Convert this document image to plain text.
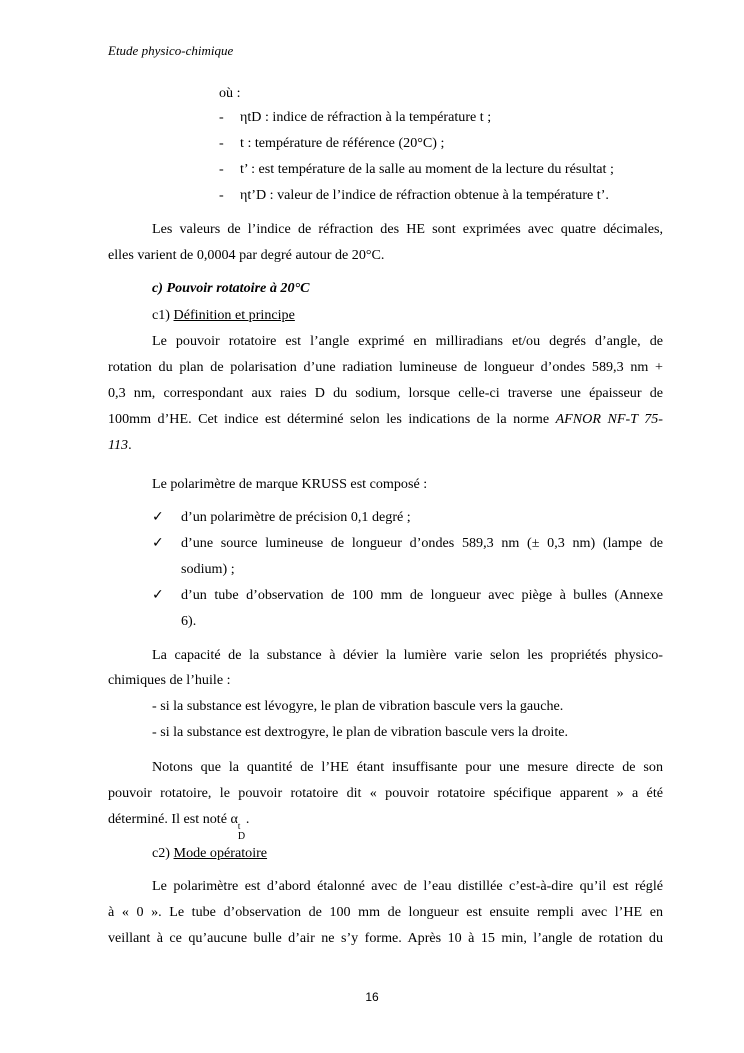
Etude physico-chimique
où :
- ηtD : indice de réfraction à la température t ;
- t : température de référence (20°C) ;
- t’ : est température de la salle au moment de la lecture du résultat ;
- ηt’D : valeur de l’indice de réfraction obtenue à la température t’.
Les valeurs de l’indice de réfraction des HE sont exprimées avec quatre décimales,
elles varient de 0,0004 par degré autour de 20°C.
c) Pouvoir rotatoire à 20°C
c1) Définition et principe
Le pouvoir rotatoire est l’angle exprimé en milliradians et/ou degrés d’angle, de
rotation du plan de polarisation d’une radiation lumineuse de longueur d’ondes 589,3 nm +
0,3 nm, correspondant aux raies D du sodium, lorsque celle-ci traverse une épaisseur de
100mm d’HE. Cet indice est déterminé selon les indications de la norme AFNOR NF-T 75-
113.
Le polarimètre de marque KRUSS est composé :
✓ d’un polarimètre de précision 0,1 degré ;
✓ d’une source lumineuse de longueur d’ondes 589,3 nm (± 0,3 nm) (lampe de
sodium) ;
✓ d’un tube d’observation de 100 mm de longueur avec piège à bulles (Annexe
6).
La capacité de la substance à dévier la lumière varie selon les propriétés physico-
chimiques de l’huile :
- si la substance est lévogyre, le plan de vibration bascule vers la gauche.
- si la substance est dextrogyre, le plan de vibration bascule vers la droite.
Notons que la quantité de l’HE étant insuffisante pour une mesure directe de son
pouvoir rotatoire, le pouvoir rotatoire dit « pouvoir rotatoire spécifique apparent » a été
déterminé. Il est noté α t
D
.
c2) Mode opératoire
Le polarimètre est d’abord étalonné avec de l’eau distillée c’est-à-dire qu’il est réglé
à « 0 ». Le tube d’observation de 100 mm de longueur est ensuite rempli avec l’HE en
veillant à ce qu’aucune bulle d’air ne s’y forme. Après 10 à 15 min, l’angle de rotation du
16
